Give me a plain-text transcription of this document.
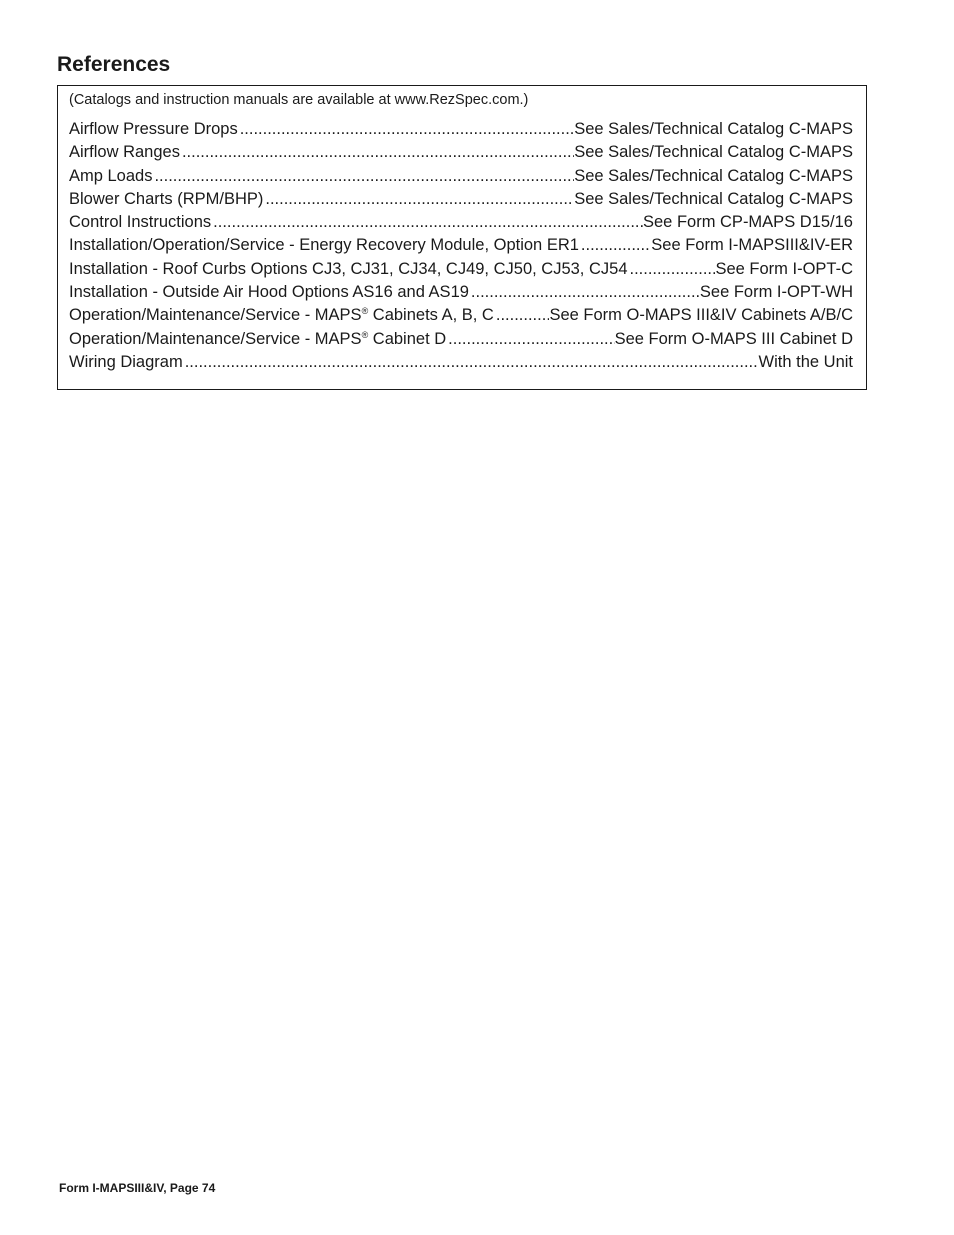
References

(Catalogs and instruction manuals are available at www.RezSpec.com.)

Airflow Pressure Drops .....	See Sales/Technical Catalog C-MAPS
Airflow Ranges .....	See Sales/Technical Catalog C-MAPS
Amp Loads .....	See Sales/Technical Catalog C-MAPS
Blower Charts (RPM/BHP) .....	See Sales/Technical Catalog C-MAPS
Control Instructions .....	See Form CP-MAPS D15/16
Installation/Operation/Service - Energy Recovery Module, Option ER1 .....	See Form I-MAPSIII&IV-ER
Installation - Roof Curbs Options CJ3, CJ31, CJ34, CJ49, CJ50, CJ53, CJ54 .....	See Form I-OPT-C
Installation - Outside Air Hood Options AS16 and AS19 .....	See Form I-OPT-WH
Operation/Maintenance/Service - MAPS® Cabinets A, B, C .....	See Form O-MAPS III&IV Cabinets A/B/C
Operation/Maintenance/Service - MAPS® Cabinet D .....	See Form O-MAPS III Cabinet D
Wiring Diagram .....	With the Unit

Form I-MAPSIII&IV, Page 74
